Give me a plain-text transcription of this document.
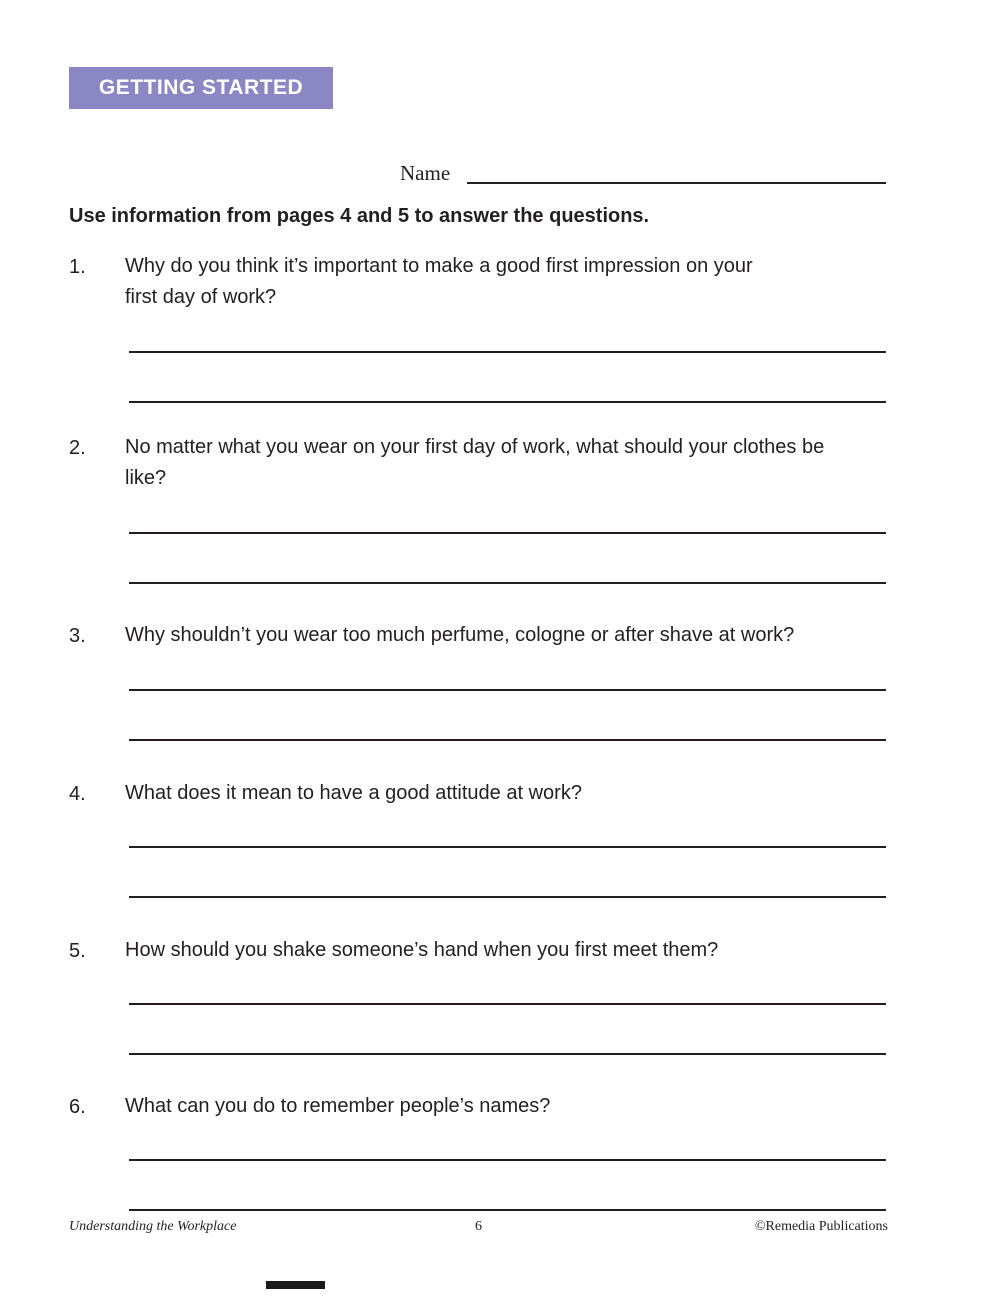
GETTING STARTED
Name
Use information from pages 4 and 5 to answer the questions.
1. Why do you think it’s important to make a good first impression on your first day of work?
2. No matter what you wear on your first day of work, what should your clothes be like?
3. Why shouldn’t you wear too much perfume, cologne or after shave at work?
4. What does it mean to have a good attitude at work?
5. How should you shake someone’s hand when you first meet them?
6. What can you do to remember people’s names?
Understanding the Workplace	6	©Remedia Publications
